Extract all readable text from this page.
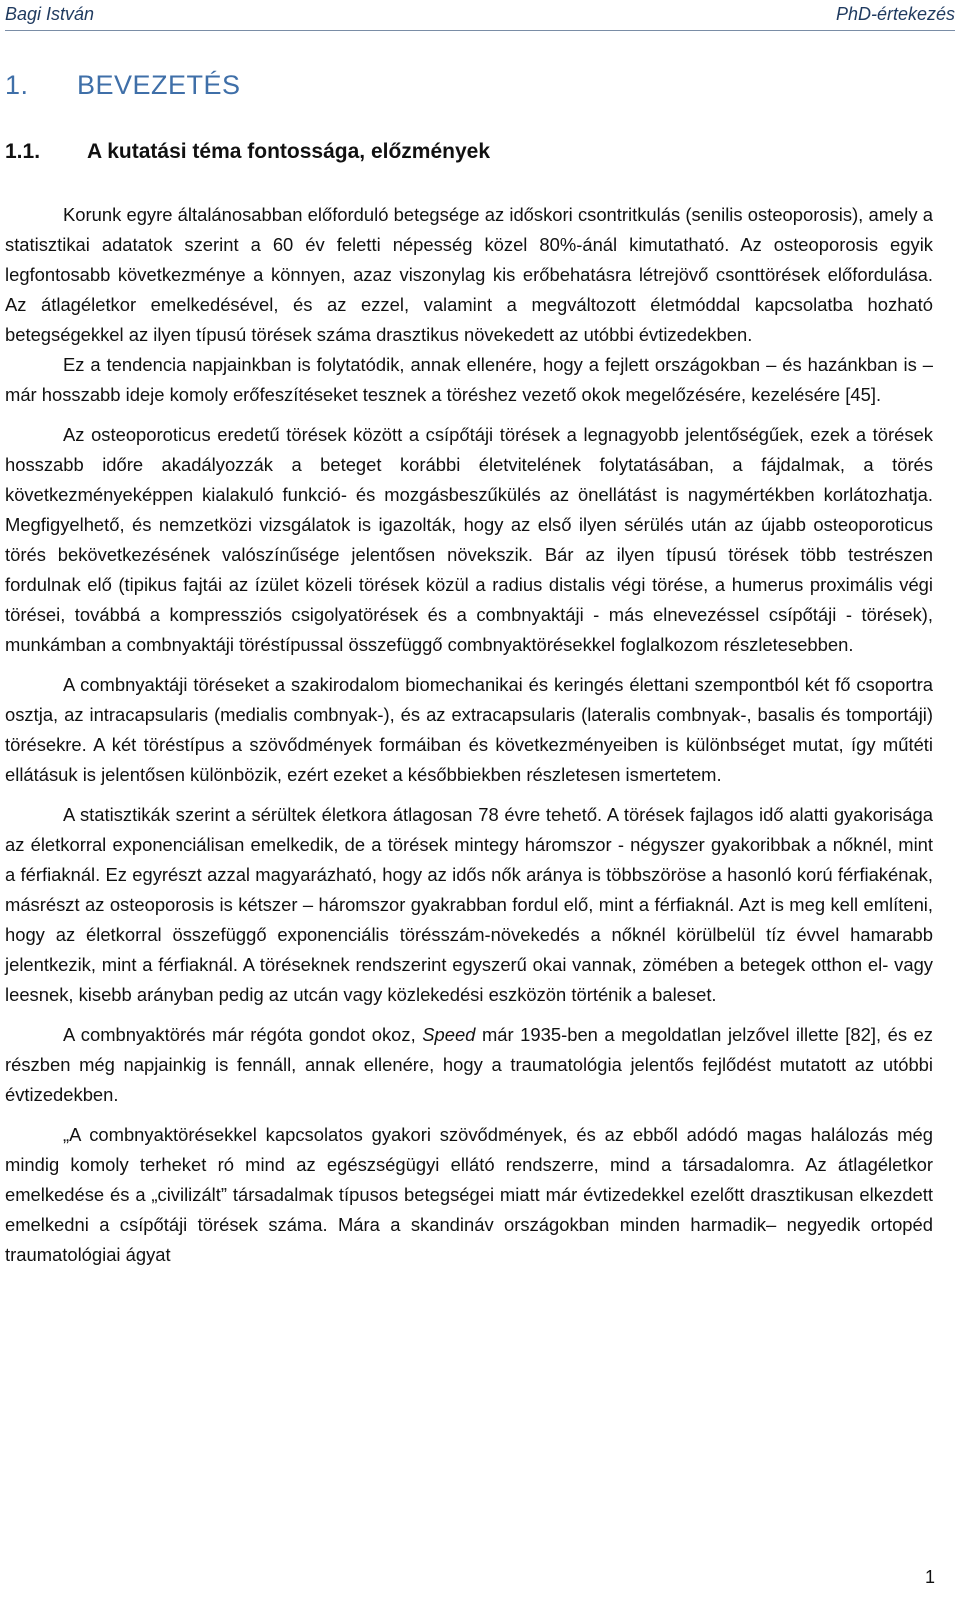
Bagi István	PhD-értekezés
1. BEVEZETÉS
1.1. A kutatási téma fontossága, előzmények

Korunk egyre általánosabban előforduló betegsége az időskori csontritkulás (senilis osteoporosis), amely a statisztikai adatatok szerint a 60 év feletti népesség közel 80%-ánál kimutatható. Az osteoporosis egyik legfontosabb következménye a könnyen, azaz viszonylag kis erőbehatásra létrejövő csonttörések előfordulása. Az átlagéletkor emelkedésével, és az ezzel, valamint a megváltozott életmóddal kapcsolatba hozható betegségekkel az ilyen típusú törések száma drasztikus növekedett az utóbbi évtizedekben.

Ez a tendencia napjainkban is folytatódik, annak ellenére, hogy a fejlett országokban – és hazánkban is – már hosszabb ideje komoly erőfeszítéseket tesznek a töréshez vezető okok megelőzésére, kezelésére [45].

Az osteoporoticus eredetű törések között a csípőtáji törések a legnagyobb jelentőségűek, ezek a törések hosszabb időre akadályozzák a beteget korábbi életvitelének folytatásában, a fájdalmak, a törés következményeképpen kialakuló funkció- és mozgásbeszűkülés az önellátást is nagymértékben korlátozhatja. Megfigyelhető, és nemzetközi vizsgálatok is igazolták, hogy az első ilyen sérülés után az újabb osteoporoticus törés bekövetkezésének valószínűsége jelentősen növekszik. Bár az ilyen típusú törések több testrészen fordulnak elő (tipikus fajtái az ízület közeli törések közül a radius distalis végi törése, a humerus proximális végi törései, továbbá a kompressziós csigolyatörések és a combnyaktáji - más elnevezéssel csípőtáji - törések), munkámban a combnyaktáji töréstípussal összefüggő combnyaktörésekkel foglalkozom részletesebben.

A combnyaktáji töréseket a szakirodalom biomechanikai és keringés élettani szempontból két fő csoportra osztja, az intracapsularis (medialis combnyak-), és az extracapsularis (lateralis combnyak-, basalis és tomportáji) törésekre. A két töréstípus a szövődmények formáiban és következményeiben is különbséget mutat, így műtéti ellátásuk is jelentősen különbözik, ezért ezeket a későbbiekben részletesen ismertetem.

A statisztikák szerint a sérültek életkora átlagosan 78 évre tehető. A törések fajlagos idő alatti gyakorisága az életkorral exponenciálisan emelkedik, de a törések mintegy háromszor - négyszer gyakoribbak a nőknél, mint a férfiaknál. Ez egyrészt azzal magyarázható, hogy az idős nők aránya is többszöröse a hasonló korú férfiakénak, másrészt az osteoporosis is kétszer – háromszor gyakrabban fordul elő, mint a férfiaknál. Azt is meg kell említeni, hogy az életkorral összefüggő exponenciális törésszám-növekedés a nőknél körülbelül tíz évvel hamarabb jelentkezik, mint a férfiaknál. A töréseknek rendszerint egyszerű okai vannak, zömében a betegek otthon el- vagy leesnek, kisebb arányban pedig az utcán vagy közlekedési eszközön történik a baleset.

A combnyaktörés már régóta gondot okoz, Speed már 1935-ben a megoldatlan jelzővel illette [82], és ez részben még napjainkig is fennáll, annak ellenére, hogy a traumatológia jelentős fejlődést mutatott az utóbbi évtizedekben.

„A combnyaktörésekkel kapcsolatos gyakori szövődmények, és az ebből adódó magas halálozás még mindig komoly terheket ró mind az egészségügyi ellátó rendszerre, mind a társadalomra. Az átlagéletkor emelkedése és a „civilizált” társadalmak típusos betegségei miatt már évtizedekkel ezelőtt drasztikusan elkezdett emelkedni a csípőtáji törések száma. Mára a skandináv országokban minden harmadik– negyedik ortopéd traumatológiai ágyat

1
